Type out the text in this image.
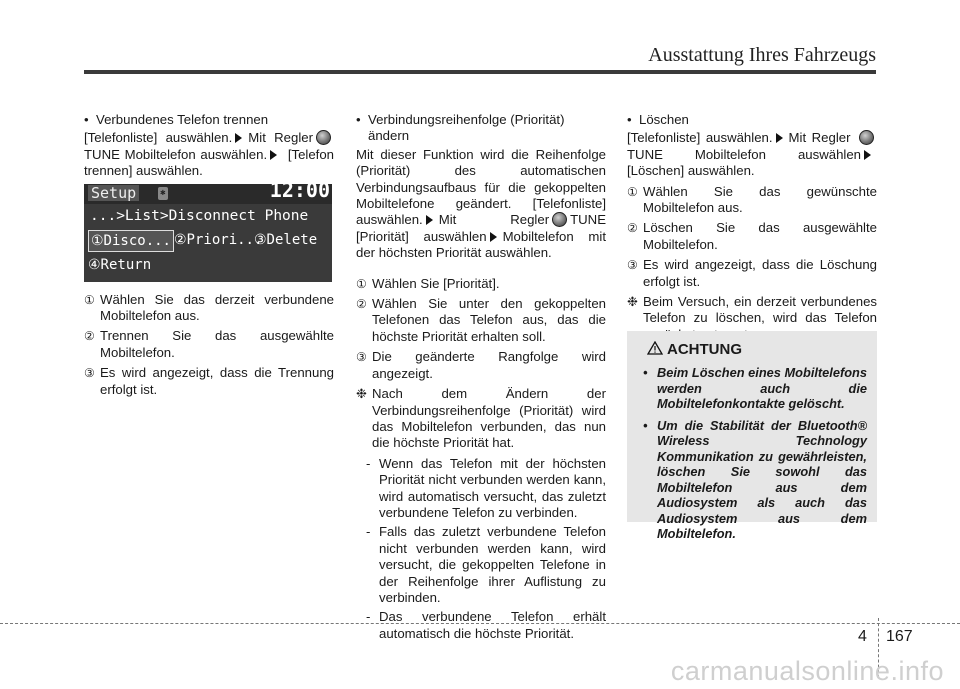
Ausstattung Ihres Fahrzeugs
• Verbundenes Telefon trennen
[Telefonliste] auswählen. Mit Regler TUNE Mobiltelefon auswählen. [Telefon trennen] auswählen.
Setup	✱	12:00
...>List>Disconnect Phone
①Disco... ②Priori...
③Delete
④Return
① Wählen Sie das derzeit verbundene Mobiltelefon aus.
② Trennen Sie das ausgewählte Mobiltelefon.
③ Es wird angezeigt, dass die Trennung erfolgt ist.
• Verbindungsreihenfolge (Priorität) ändern
Mit dieser Funktion wird die Reihenfolge (Priorität) des automatischen Verbindungsaufbaus für die gekoppelten Mobiltelefone geändert. [Telefonliste] auswählen. Mit Regler TUNE [Priorität] auswählen Mobiltelefon mit der höchsten Priorität auswählen.
① Wählen Sie [Priorität].
② Wählen Sie unter den gekoppelten Telefonen das Telefon aus, das die höchste Priorität erhalten soll.
③ Die geänderte Rangfolge wird angezeigt.
❉ Nach dem Ändern der Verbindungsreihenfolge (Priorität) wird das Mobiltelefon verbunden, das nun die höchste Priorität hat.
- Wenn das Telefon mit der höchsten Priorität nicht verbunden werden kann, wird automatisch versucht, das zuletzt verbundene Telefon zu verbinden.
- Falls das zuletzt verbundene Telefon nicht verbunden werden kann, wird versucht, die gekoppelten Telefone in der Reihenfolge ihrer Auflistung zu verbinden.
- Das verbundene Telefon erhält automatisch die höchste Priorität.
• Löschen
[Telefonliste] auswählen. Mit Regler TUNE Mobiltelefon auswählen [Löschen] auswählen.
① Wählen Sie das gewünschte Mobiltelefon aus.
② Löschen Sie das ausgewählte Mobiltelefon.
③ Es wird angezeigt, dass die Löschung erfolgt ist.
❉ Beim Versuch, ein derzeit verbundenes Telefon zu löschen, wird das Telefon
ACHTUNG
• Beim Löschen eines Mobiltelefons werden auch die Mobiltelefonkontakte gelöscht.
• Um die Stabilität der Bluetooth® Wireless Technology Kommunikation zu gewährleisten, löschen Sie sowohl das Mobiltelefon aus dem Audiosystem als auch das Audiosystem aus dem Mobiltelefon.
4 167
carmanualsonline.info
